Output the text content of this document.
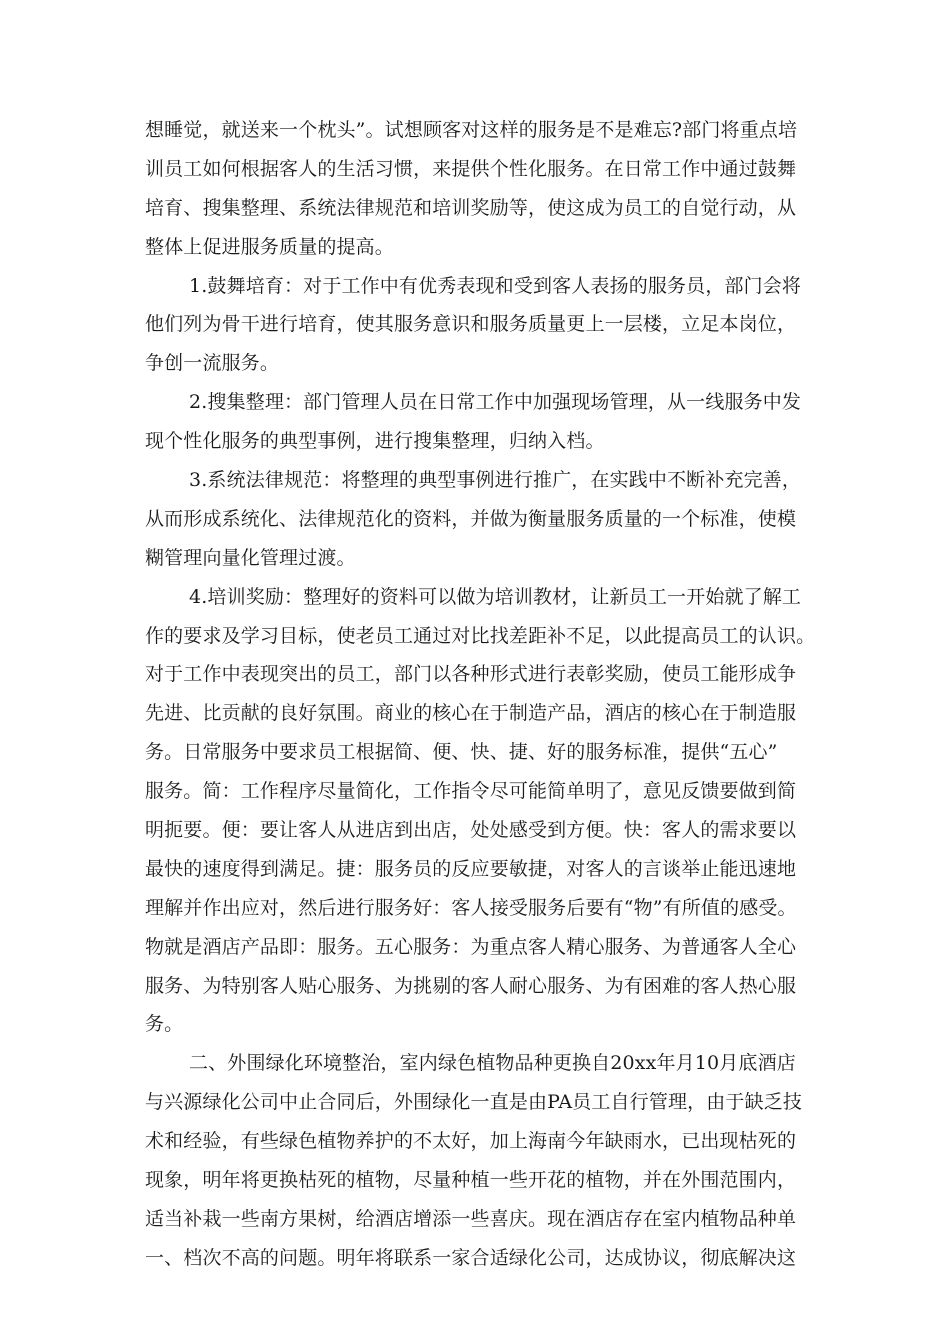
想睡觉，就送来一个枕头”。试想顾客对这样的服务是不是难忘?部门将重点培
训员工如何根据客人的生活习惯，来提供个性化服务。在日常工作中通过鼓舞
培育、搜集整理、系统法律规范和培训奖励等，使这成为员工的自觉行动，从
整体上促进服务质量的提高。
1.鼓舞培育：对于工作中有优秀表现和受到客人表扬的服务员，部门会将
他们列为骨干进行培育，使其服务意识和服务质量更上一层楼，立足本岗位，
争创一流服务。
2.搜集整理：部门管理人员在日常工作中加强现场管理，从一线服务中发
现个性化服务的典型事例，进行搜集整理，归纳入档。
3.系统法律规范：将整理的典型事例进行推广，在实践中不断补充完善，
从而形成系统化、法律规范化的资料，并做为衡量服务质量的一个标准，使模
糊管理向量化管理过渡。
4.培训奖励：整理好的资料可以做为培训教材，让新员工一开始就了解工
作的要求及学习目标，使老员工通过对比找差距补不足，以此提高员工的认识。
对于工作中表现突出的员工，部门以各种形式进行表彰奖励，使员工能形成争
先进、比贡献的良好氛围。商业的核心在于制造产品，酒店的核心在于制造服
务。日常服务中要求员工根据简、便、快、捷、好的服务标准，提供“五心”
服务。简：工作程序尽量简化，工作指令尽可能简单明了，意见反馈要做到简
明扼要。便：要让客人从进店到出店，处处感受到方便。快：客人的需求要以
最快的速度得到满足。捷：服务员的反应要敏捷，对客人的言谈举止能迅速地
理解并作出应对，然后进行服务好：客人接受服务后要有“物”有所值的感受。
物就是酒店产品即：服务。五心服务：为重点客人精心服务、为普通客人全心
服务、为特别客人贴心服务、为挑剔的客人耐心服务、为有困难的客人热心服
务。
二、外围绿化环境整治，室内绿色植物品种更换自20xx年月10月底酒店
与兴源绿化公司中止合同后，外围绿化一直是由PA员工自行管理，由于缺乏技
术和经验，有些绿色植物养护的不太好，加上海南今年缺雨水，已出现枯死的
现象，明年将更换枯死的植物，尽量种植一些开花的植物，并在外围范围内，
适当补栽一些南方果树，给酒店增添一些喜庆。现在酒店存在室内植物品种单
一、档次不高的问题。明年将联系一家合适绿化公司，达成协议，彻底解决这
